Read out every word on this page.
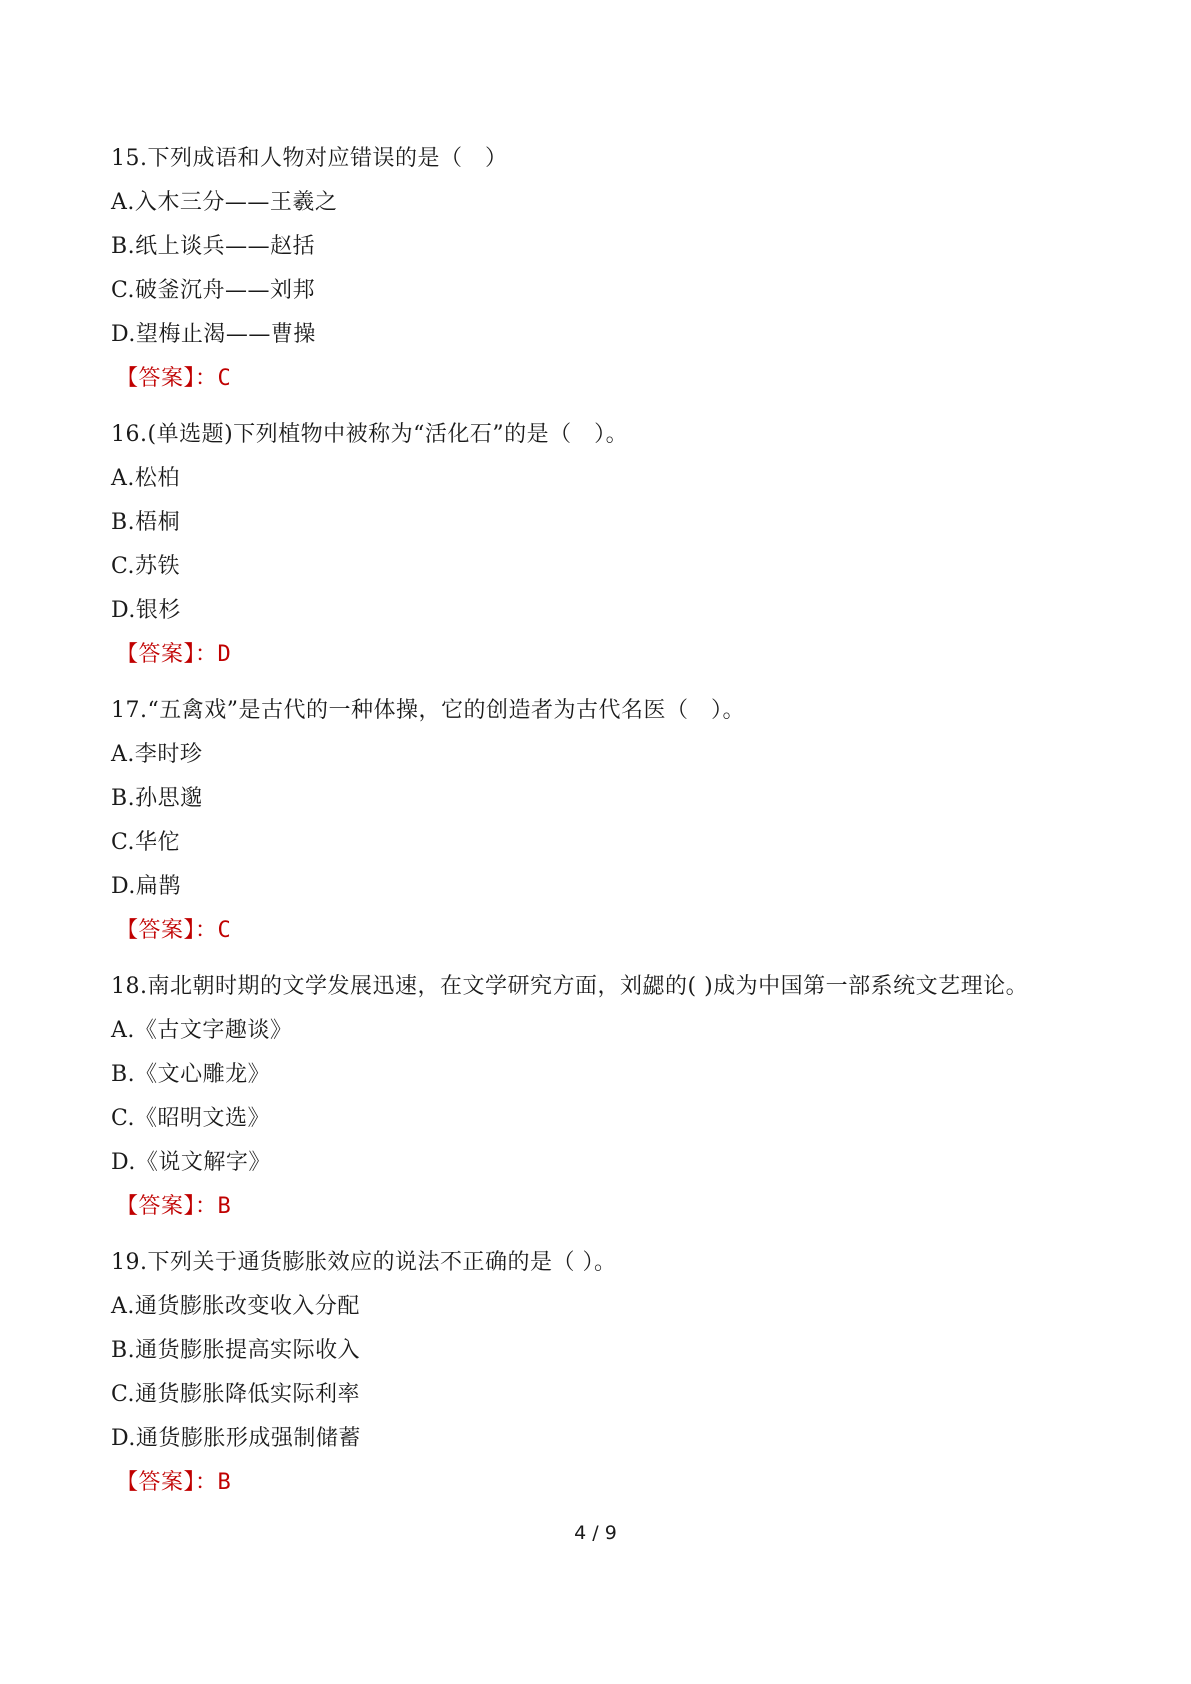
15.下列成语和人物对应错误的是（　）
A.入木三分——王羲之
B.纸上谈兵——赵括
C.破釜沉舟——刘邦
D.望梅止渴——曹操
【答案】：C
16.(单选题)下列植物中被称为“活化石”的是（　）。
A.松柏
B.梧桐
C.苏铁
D.银杉
【答案】：D
17.“五禽戏”是古代的一种体操，它的创造者为古代名医（　）。
A.李时珍
B.孙思邈
C.华佗
D.扁鹊
【答案】：C
18.南北朝时期的文学发展迅速，在文学研究方面，刘勰的( )成为中国第一部系统文艺理论。
A.《古文字趣谈》
B.《文心雕龙》
C.《昭明文选》
D.《说文解字》
【答案】：B
19.下列关于通货膨胀效应的说法不正确的是（ ）。
A.通货膨胀改变收入分配
B.通货膨胀提高实际收入
C.通货膨胀降低实际利率
D.通货膨胀形成强制储蓄
【答案】：B
4 / 9
